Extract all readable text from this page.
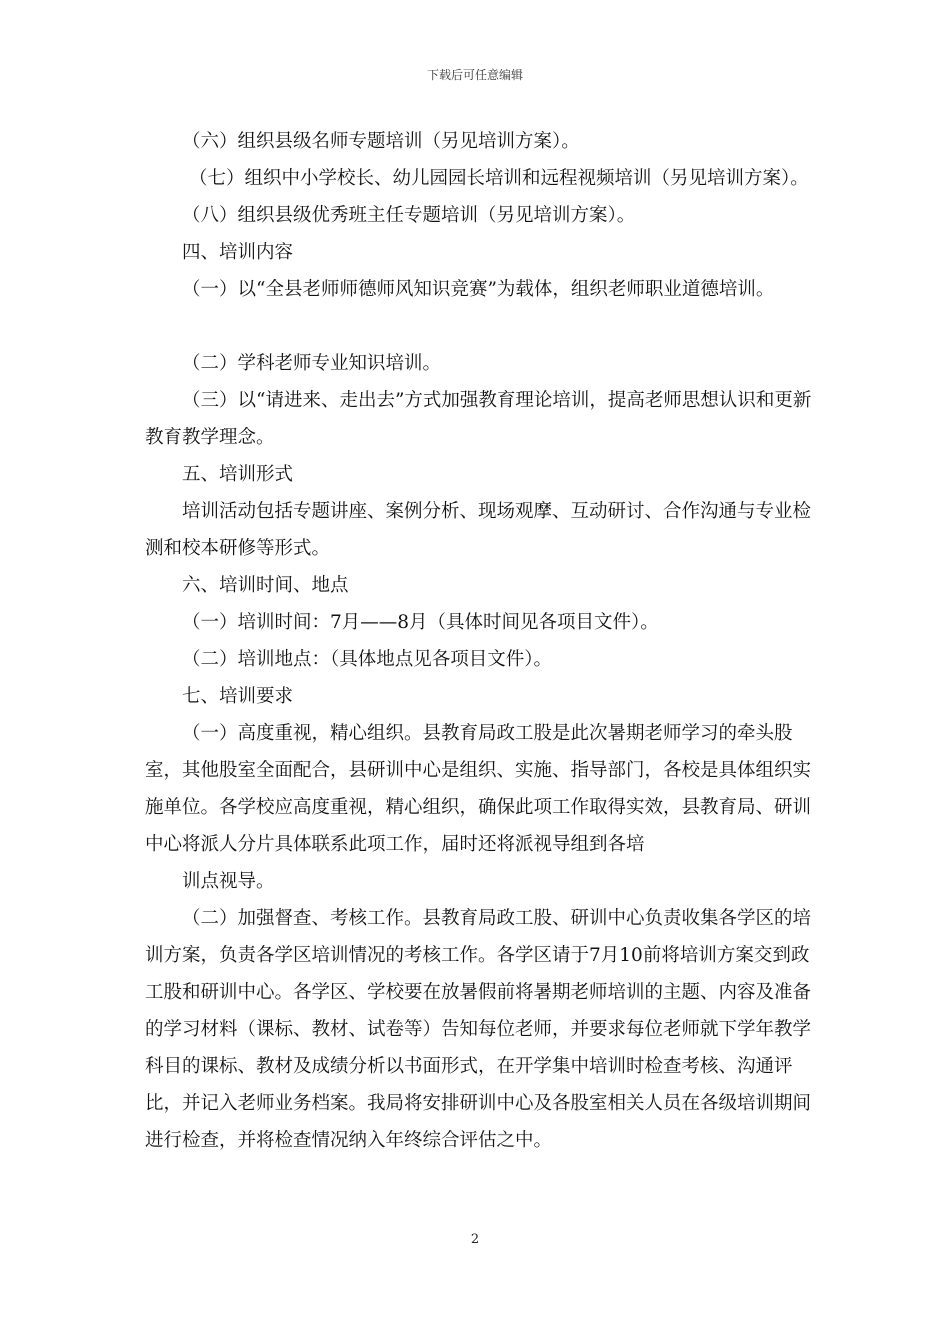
下载后可任意编辑

（六）组织县级名师专题培训（另见培训方案）。

（七）组织中小学校长、幼儿园园长培训和远程视频培训（另见培训方案）。

（八）组织县级优秀班主任专题培训（另见培训方案）。

四、培训内容

（一）以“全县老师师德师风知识竞赛”为载体，组织老师职业道德培训。

（二）学科老师专业知识培训。

（三）以“请进来、走出去”方式加强教育理论培训，提高老师思想认识和更新教育教学理念。

五、培训形式

培训活动包括专题讲座、案例分析、现场观摩、互动研讨、合作沟通与专业检测和校本研修等形式。

六、培训时间、地点

（一）培训时间：7月——8月（具体时间见各项目文件）。

（二）培训地点：（具体地点见各项目文件）。

七、培训要求

（一）高度重视，精心组织。县教育局政工股是此次暑期老师学习的牵头股室，其他股室全面配合，县研训中心是组织、实施、指导部门，各校是具体组织实施单位。各学校应高度重视，精心组织，确保此项工作取得实效，县教育局、研训中心将派人分片具体联系此项工作，届时还将派视导组到各培

训点视导。

（二）加强督查、考核工作。县教育局政工股、研训中心负责收集各学区的培训方案，负责各学区培训情况的考核工作。各学区请于7月10前将培训方案交到政工股和研训中心。各学区、学校要在放暑假前将暑期老师培训的主题、内容及准备的学习材料（课标、教材、试卷等）告知每位老师，并要求每位老师就下学年教学科目的课标、教材及成绩分析以书面形式，在开学集中培训时检查考核、沟通评比，并记入老师业务档案。我局将安排研训中心及各股室相关人员在各级培训期间进行检查，并将检查情况纳入年终综合评估之中。

2
